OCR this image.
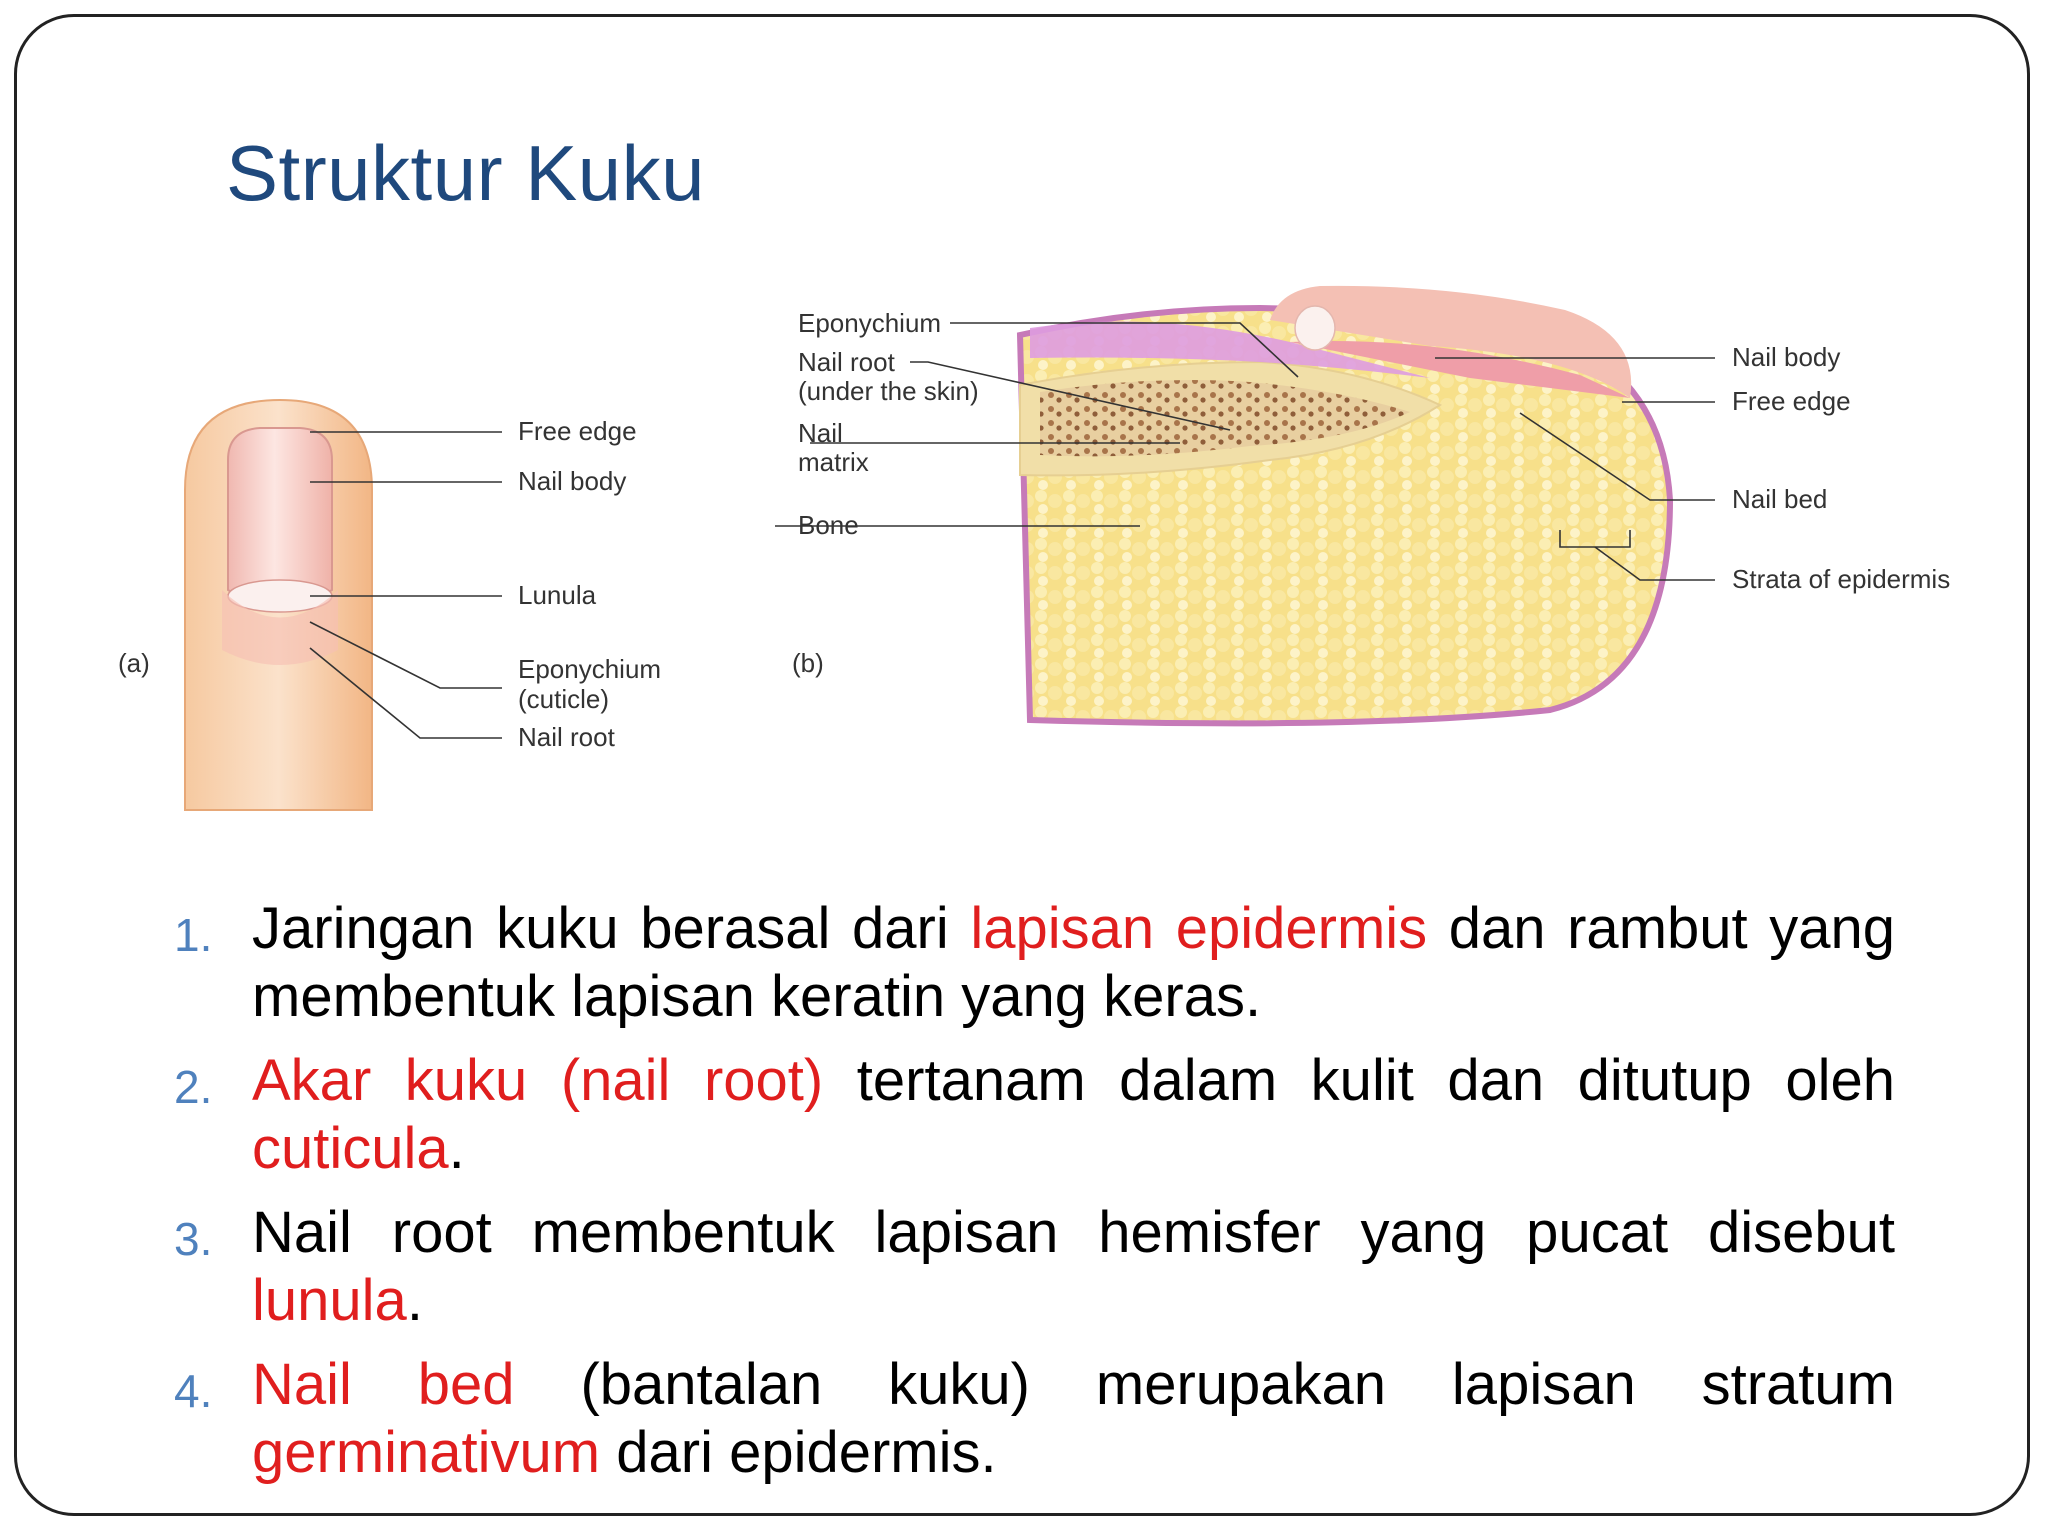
Struktur Kuku
(a)
Free edge
Nail body
Lunula
Eponychium
(cuticle)
Nail root
(b)
Eponychium
Nail root
(under the skin)
Nail
matrix
Bone
Nail body
Free edge
Nail bed
Strata of epidermis
1. Jaringan kuku berasal dari lapisan epidermis dan rambut yang membentuk lapisan keratin yang keras.
2. Akar kuku (nail root) tertanam dalam kulit dan ditutup oleh cuticula.
3. Nail root membentuk lapisan hemisfer yang pucat disebut lunula.
4. Nail bed (bantalan kuku) merupakan lapisan stratum germinativum dari epidermis.
